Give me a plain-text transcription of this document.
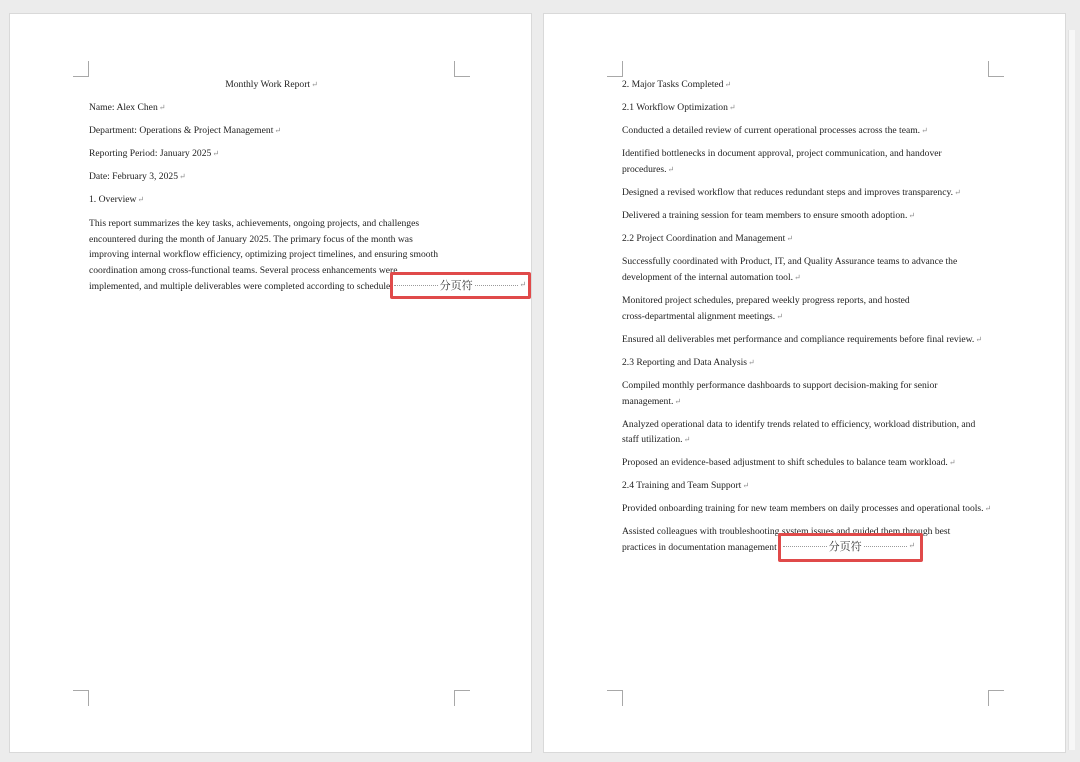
Monthly Work Report↵
Name: Alex Chen↵
Department: Operations & Project Management↵
Reporting Period: January 2025↵
Date: February 3, 2025↵
1. Overview↵
This report summarizes the key tasks, achievements, ongoing projects, and challenges
encountered during the month of January 2025. The primary focus of the month was
improving internal workflow efficiency, optimizing project timelines, and ensuring smooth
coordination among cross-functional teams. Several process enhancements were
implemented, and multiple deliverables were completed according to schedule	分页符	↵
2. Major Tasks Completed↵
2.1 Workflow Optimization↵
Conducted a detailed review of current operational processes across the team.↵
Identified bottlenecks in document approval, project communication, and handover
procedures.↵
Designed a revised workflow that reduces redundant steps and improves transparency.↵
Delivered a training session for team members to ensure smooth adoption.↵
2.2 Project Coordination and Management↵
Successfully coordinated with Product, IT, and Quality Assurance teams to advance the
development of the internal automation tool.↵
Monitored project schedules, prepared weekly progress reports, and hosted
cross-departmental alignment meetings.↵
Ensured all deliverables met performance and compliance requirements before final review.↵
2.3 Reporting and Data Analysis↵
Compiled monthly performance dashboards to support decision-making for senior
management.↵
Analyzed operational data to identify trends related to efficiency, workload distribution, and
staff utilization.↵
Proposed an evidence-based adjustment to shift schedules to balance team workload.↵
2.4 Training and Team Support↵
Provided onboarding training for new team members on daily processes and operational tools.↵
Assisted colleagues with troubleshooting system issues and guided them through best
practices in documentation management	分页符	↵
